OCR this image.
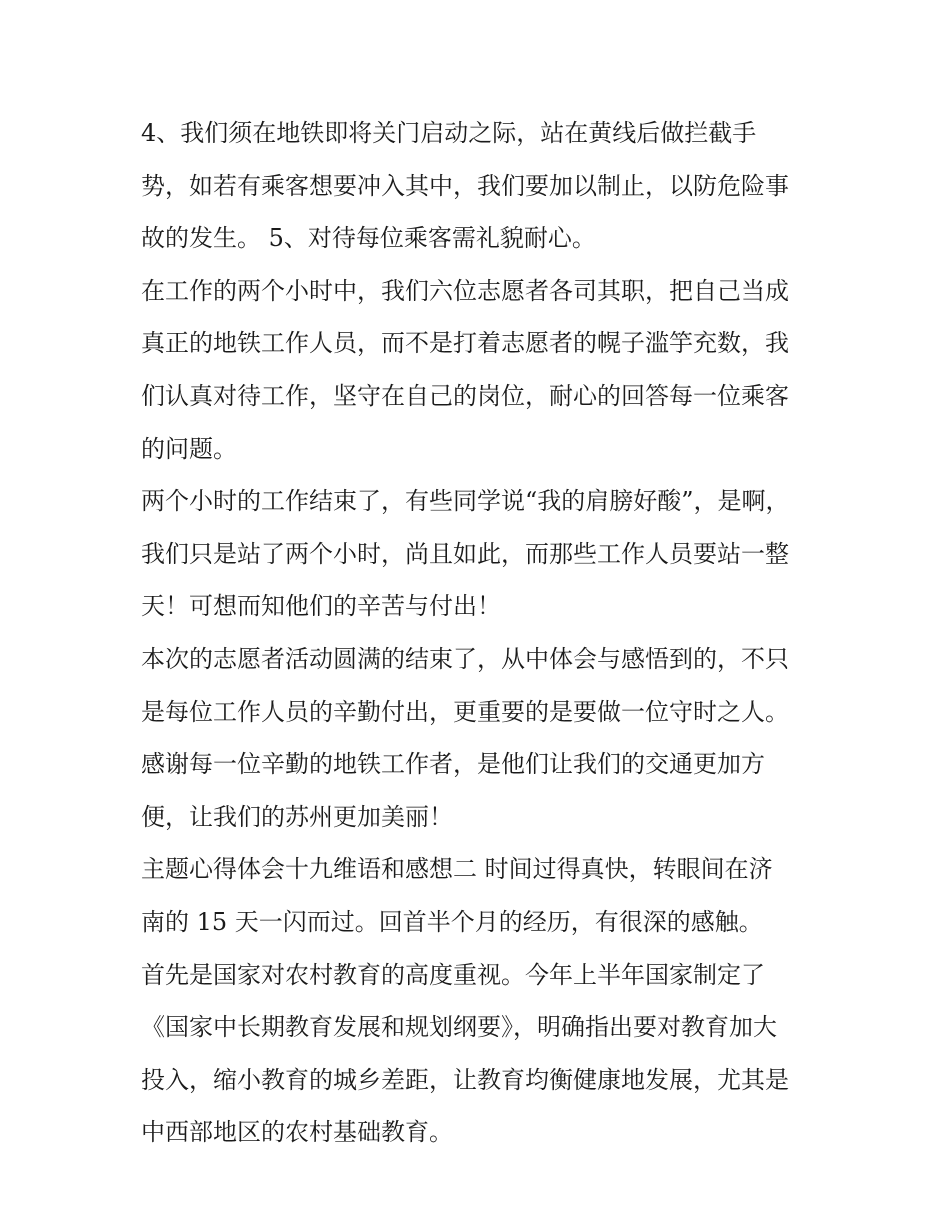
4、我们须在地铁即将关门启动之际，站在黄线后做拦截手
势，如若有乘客想要冲入其中，我们要加以制止，以防危险事
故的发生。 5、对待每位乘客需礼貌耐心。
在工作的两个小时中，我们六位志愿者各司其职，把自己当成
真正的地铁工作人员，而不是打着志愿者的幌子滥竽充数，我
们认真对待工作，坚守在自己的岗位，耐心的回答每一位乘客
的问题。
两个小时的工作结束了，有些同学说“我的肩膀好酸”，是啊，
我们只是站了两个小时，尚且如此，而那些工作人员要站一整
天！可想而知他们的辛苦与付出！
本次的志愿者活动圆满的结束了，从中体会与感悟到的，不只
是每位工作人员的辛勤付出，更重要的是要做一位守时之人。
感谢每一位辛勤的地铁工作者，是他们让我们的交通更加方
便，让我们的苏州更加美丽！
主题心得体会十九维语和感想二 时间过得真快，转眼间在济
南的 15 天一闪而过。回首半个月的经历，有很深的感触。
首先是国家对农村教育的高度重视。今年上半年国家制定了
《国家中长期教育发展和规划纲要》，明确指出要对教育加大
投入，缩小教育的城乡差距，让教育均衡健康地发展，尤其是
中西部地区的农村基础教育。
